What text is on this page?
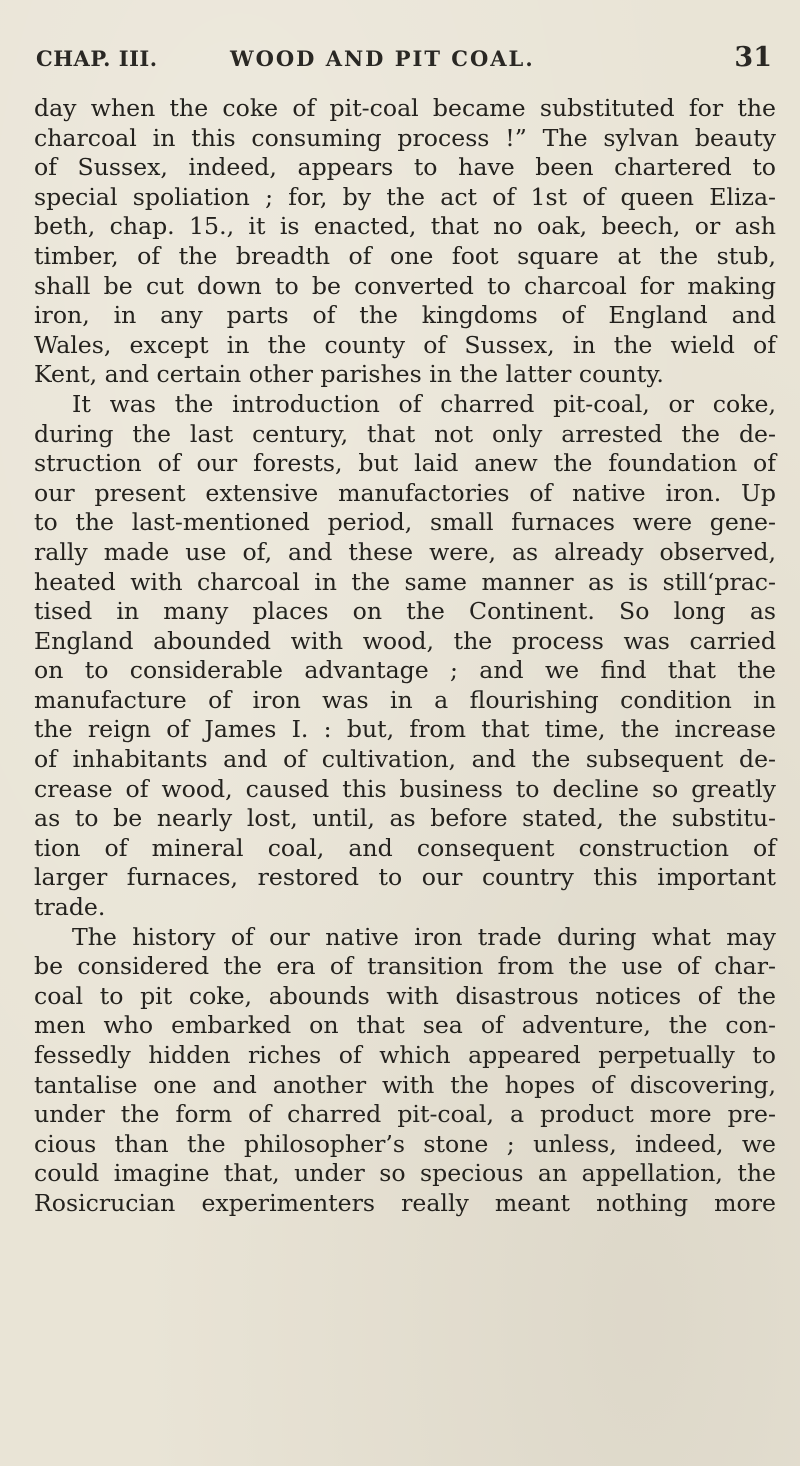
CHAP. III.	WOOD AND PIT COAL.	31
day when the coke of pit-coal became substituted for the
charcoal in this consuming process !” The sylvan beauty
of Sussex, indeed, appears to have been chartered to
special spoliation ; for, by the act of 1st of queen Eliza-
beth, chap. 15., it is enacted, that no oak, beech, or ash
timber, of the breadth of one foot square at the stub,
shall be cut down to be converted to charcoal for making
iron, in any parts of the kingdoms of England and
Wales, except in the county of Sussex, in the wield of
Kent, and certain other parishes in the latter county.
It was the introduction of charred pit-coal, or coke,
during the last century, that not only arrested the de-
struction of our forests, but laid anew the foundation of
our present extensive manufactories of native iron. Up
to the last-mentioned period, small furnaces were gene-
rally made use of, and these were, as already observed,
heated with charcoal in the same manner as is still‘prac-
tised in many places on the Continent. So long as
England abounded with wood, the process was carried
on to considerable advantage ; and we find that the
manufacture of iron was in a flourishing condition in
the reign of James I. : but, from that time, the increase
of inhabitants and of cultivation, and the subsequent de-
crease of wood, caused this business to decline so greatly
as to be nearly lost, until, as before stated, the substitu-
tion of mineral coal, and consequent construction of
larger furnaces, restored to our country this important
trade.
The history of our native iron trade during what may
be considered the era of transition from the use of char-
coal to pit coke, abounds with disastrous notices of the
men who embarked on that sea of adventure, the con-
fessedly hidden riches of which appeared perpetually to
tantalise one and another with the hopes of discovering,
under the form of charred pit-coal, a product more pre-
cious than the philosopher’s stone ; unless, indeed, we
could imagine that, under so specious an appellation, the
Rosicrucian experimenters really meant nothing more
